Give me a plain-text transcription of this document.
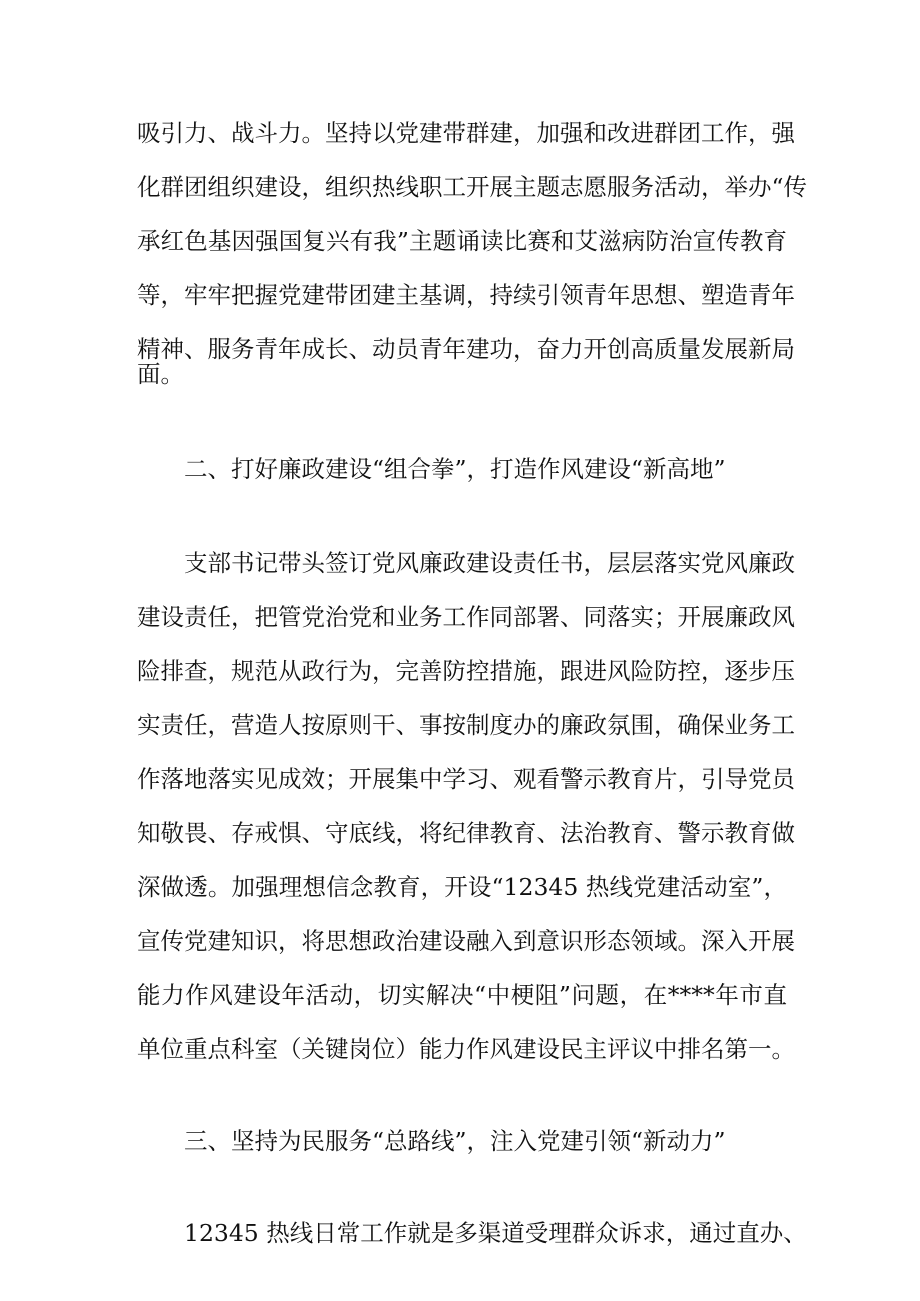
吸引力、战斗力。坚持以党建带群建，加强和改进群团工作，强
化群团组织建设，组织热线职工开展主题志愿服务活动，举办“传
承红色基因强国复兴有我”主题诵读比赛和艾滋病防治宣传教育
等，牢牢把握党建带团建主基调，持续引领青年思想、塑造青年
精神、服务青年成长、动员青年建功，奋力开创高质量发展新局
面。
二、打好廉政建设“组合拳”，打造作风建设“新高地”
支部书记带头签订党风廉政建设责任书，层层落实党风廉政
建设责任，把管党治党和业务工作同部署、同落实；开展廉政风
险排查，规范从政行为，完善防控措施，跟进风险防控，逐步压
实责任，营造人按原则干、事按制度办的廉政氛围，确保业务工
作落地落实见成效；开展集中学习、观看警示教育片，引导党员
知敬畏、存戒惧、守底线，将纪律教育、法治教育、警示教育做
深做透。加强理想信念教育，开设“12345 热线党建活动室”，
宣传党建知识，将思想政治建设融入到意识形态领域。深入开展
能力作风建设年活动，切实解决“中梗阻”问题，在****年市直
单位重点科室（关键岗位）能力作风建设民主评议中排名第一。
三、坚持为民服务“总路线”，注入党建引领“新动力”
12345 热线日常工作就是多渠道受理群众诉求，通过直办、
